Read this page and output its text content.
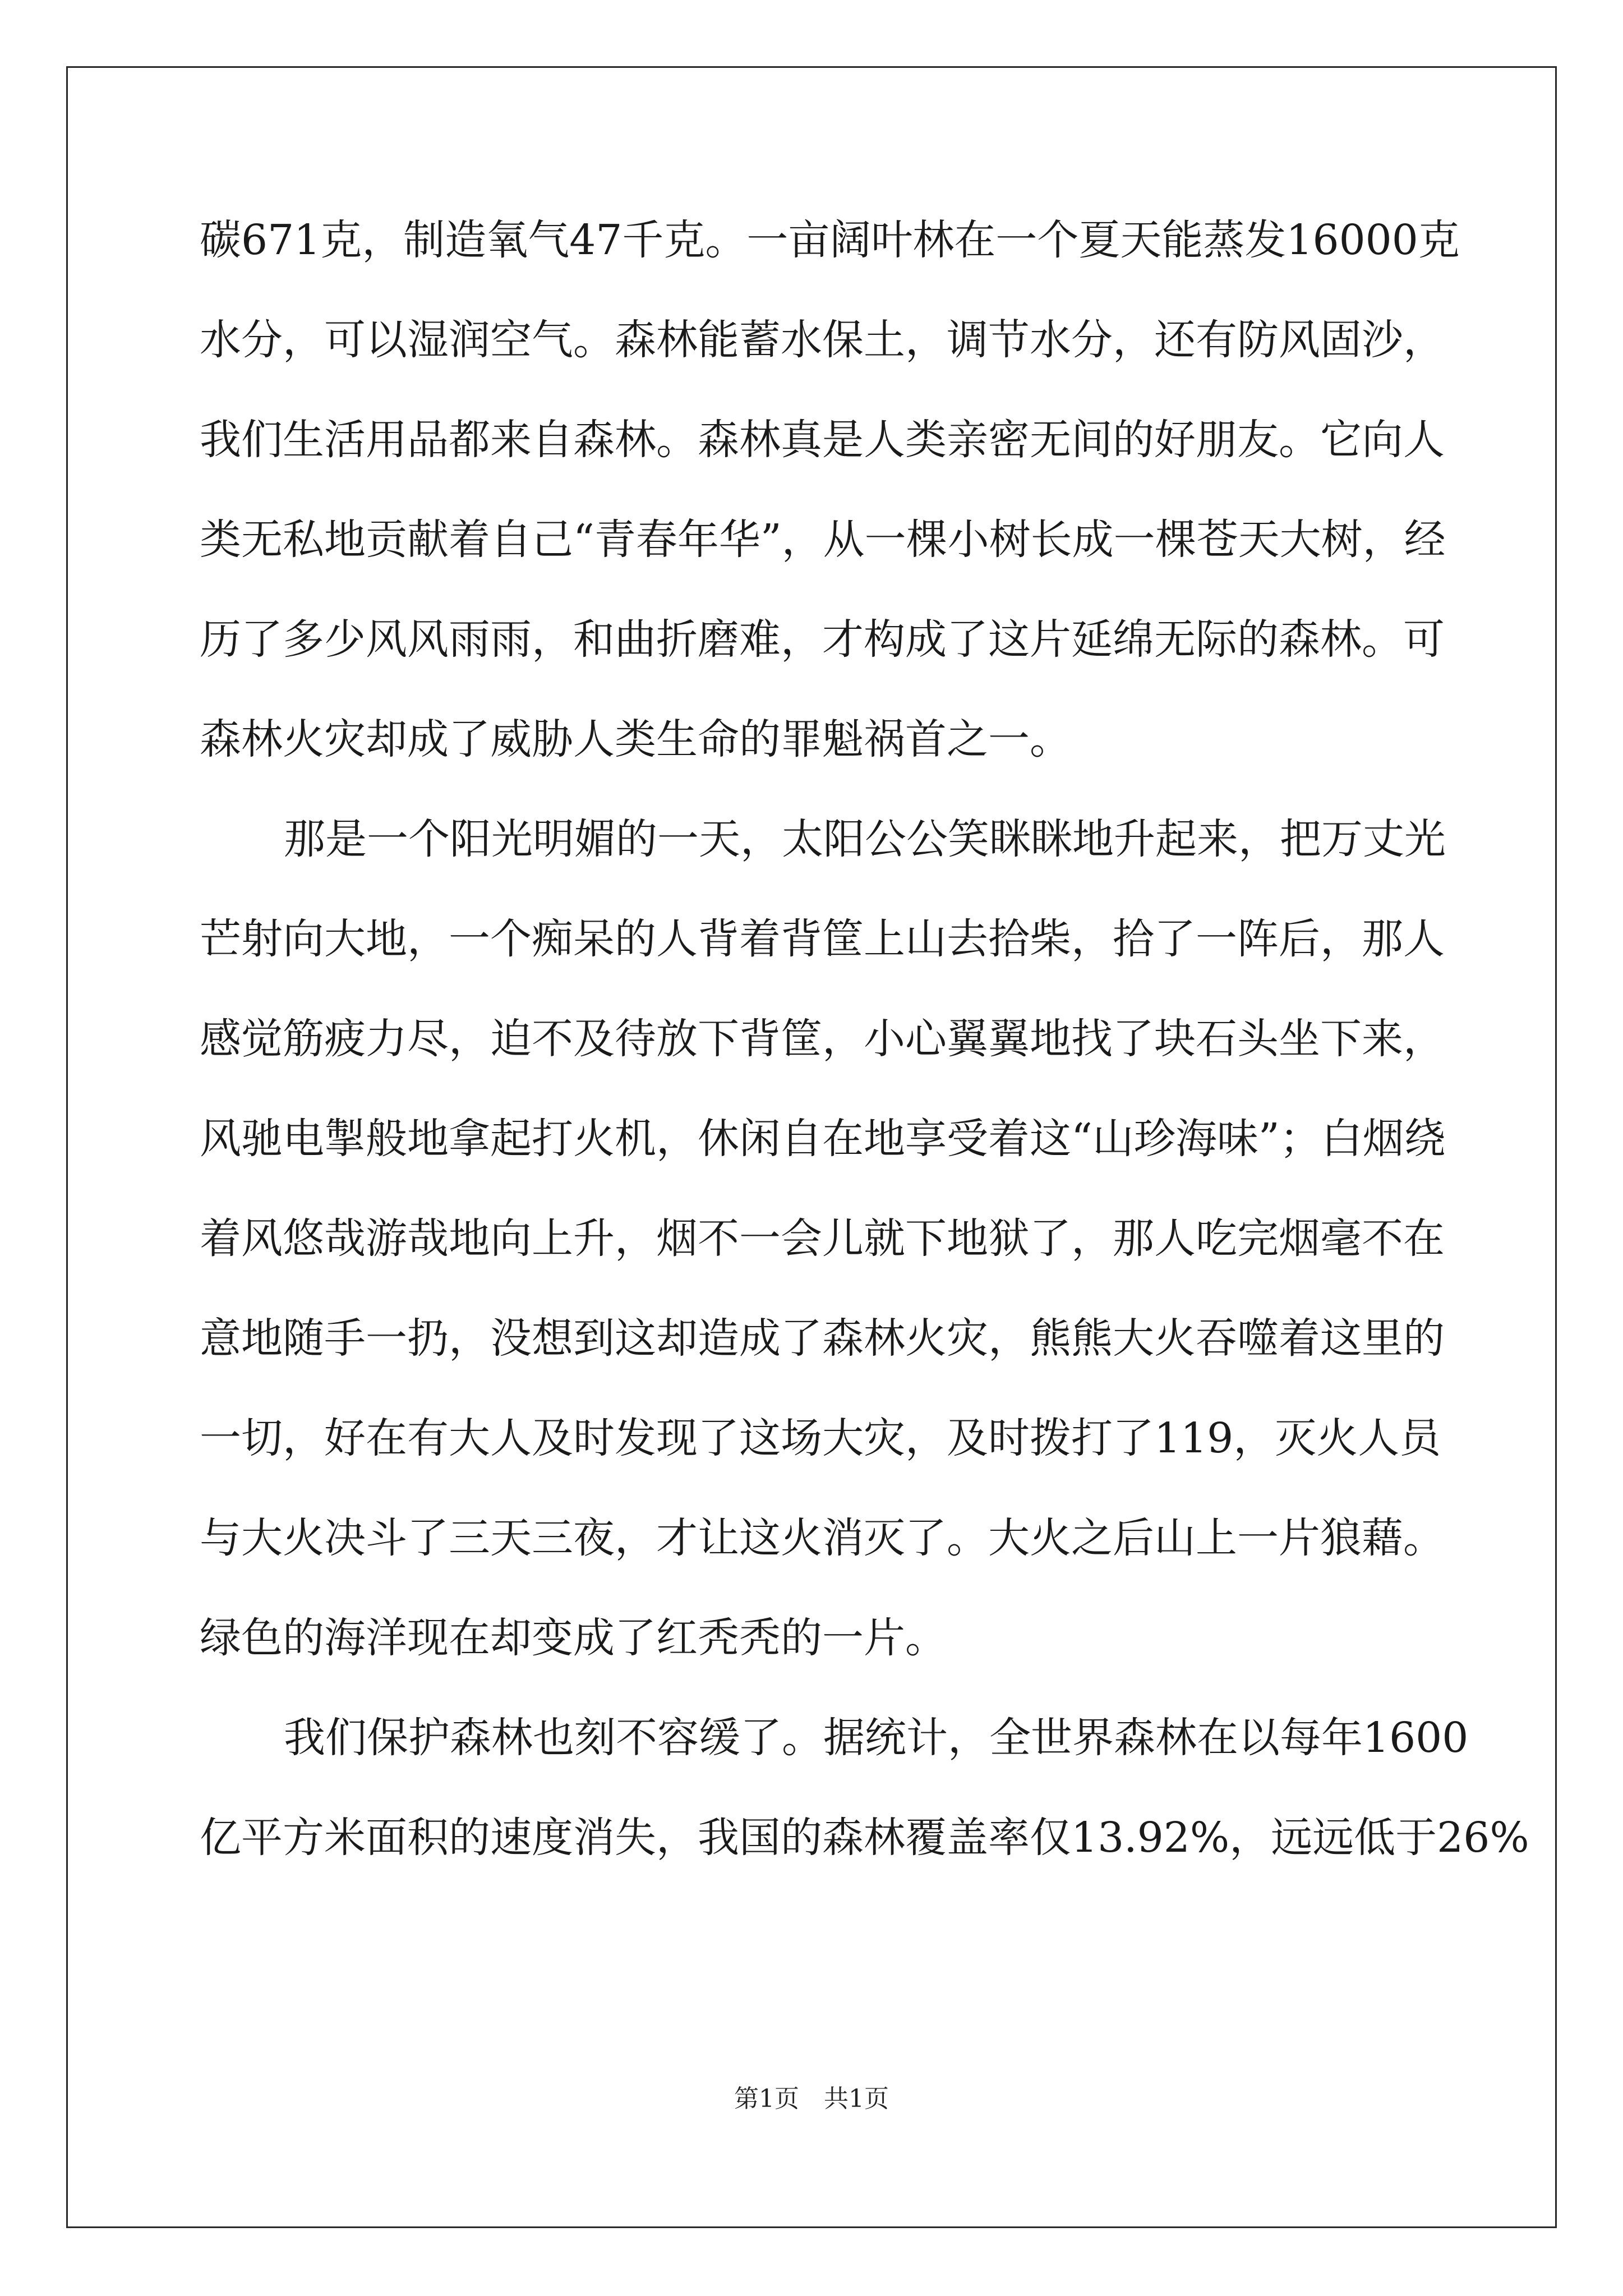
碳671克，制造氧气47千克。一亩阔叶林在一个夏天能蒸发16000克
水分，可以湿润空气。森林能蓄水保土，调节水分，还有防风固沙，
我们生活用品都来自森林。森林真是人类亲密无间的好朋友。它向人
类无私地贡献着自己“青春年华”，从一棵小树长成一棵苍天大树，经
历了多少风风雨雨，和曲折磨难，才构成了这片延绵无际的森林。可
森林火灾却成了威胁人类生命的罪魁祸首之一。
那是一个阳光明媚的一天，太阳公公笑眯眯地升起来，把万丈光
芒射向大地，一个痴呆的人背着背筐上山去拾柴，拾了一阵后，那人
感觉筋疲力尽，迫不及待放下背筐，小心翼翼地找了块石头坐下来，
风驰电掣般地拿起打火机，休闲自在地享受着这“山珍海味”；白烟绕
着风悠哉游哉地向上升，烟不一会儿就下地狱了，那人吃完烟毫不在
意地随手一扔，没想到这却造成了森林火灾，熊熊大火吞噬着这里的
一切，好在有大人及时发现了这场大灾，及时拨打了119，灭火人员
与大火决斗了三天三夜，才让这火消灭了。大火之后山上一片狼藉。
绿色的海洋现在却变成了红秃秃的一片。
我们保护森林也刻不容缓了。据统计，全世界森林在以每年1600
亿平方米面积的速度消失，我国的森林覆盖率仅13.92%，远远低于26%
第1页 共1页
